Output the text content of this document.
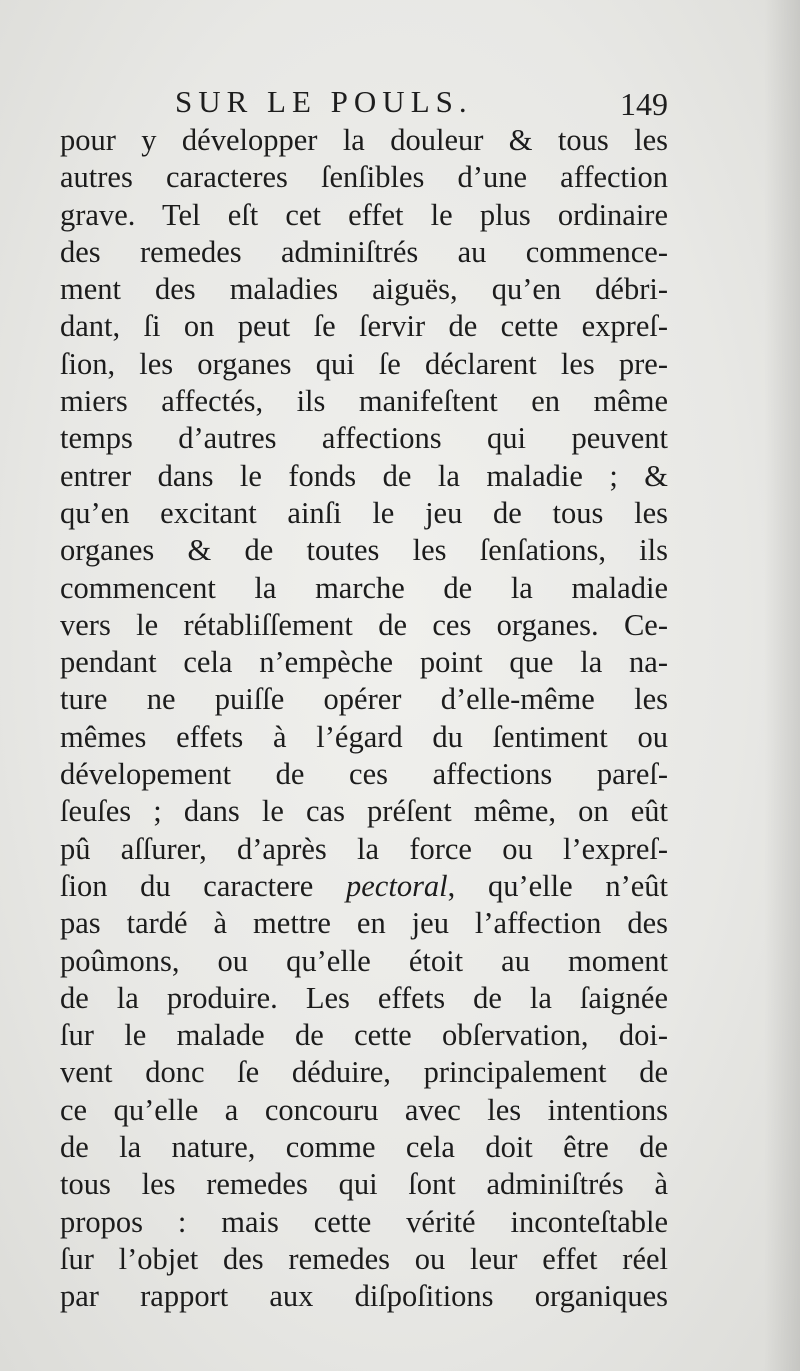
SUR LE POULS.	149
pour y développer la douleur & tous les
autres caracteres ſenſibles d’une affection
grave. Tel eſt cet effet le plus ordinaire
des remedes adminiſtrés au commence-
ment des maladies aiguës, qu’en débri-
dant, ſi on peut ſe ſervir de cette expreſ-
ſion, les organes qui ſe déclarent les pre-
miers affectés, ils manifeſtent en même
temps d’autres affections qui peuvent
entrer dans le fonds de la maladie ; &
qu’en excitant ainſi le jeu de tous les
organes & de toutes les ſenſations, ils
commencent la marche de la maladie
vers le rétabliſſement de ces organes. Ce-
pendant cela n’empèche point que la na-
ture ne puiſſe opérer d’elle-même les
mêmes effets à l’égard du ſentiment ou
dévelopement de ces affections pareſ-
ſeuſes ; dans le cas préſent même, on eût
pû aſſurer, d’après la force ou l’expreſ-
ſion du caractere pectoral, qu’elle n’eût
pas tardé à mettre en jeu l’affection des
poûmons, ou qu’elle étoit au moment
de la produire. Les effets de la ſaignée
ſur le malade de cette obſervation, doi-
vent donc ſe déduire, principalement de
ce qu’elle a concouru avec les intentions
de la nature, comme cela doit être de
tous les remedes qui ſont adminiſtrés à
propos : mais cette vérité inconteſtable
ſur l’objet des remedes ou leur effet réel
par rapport aux diſpoſitions organiques
